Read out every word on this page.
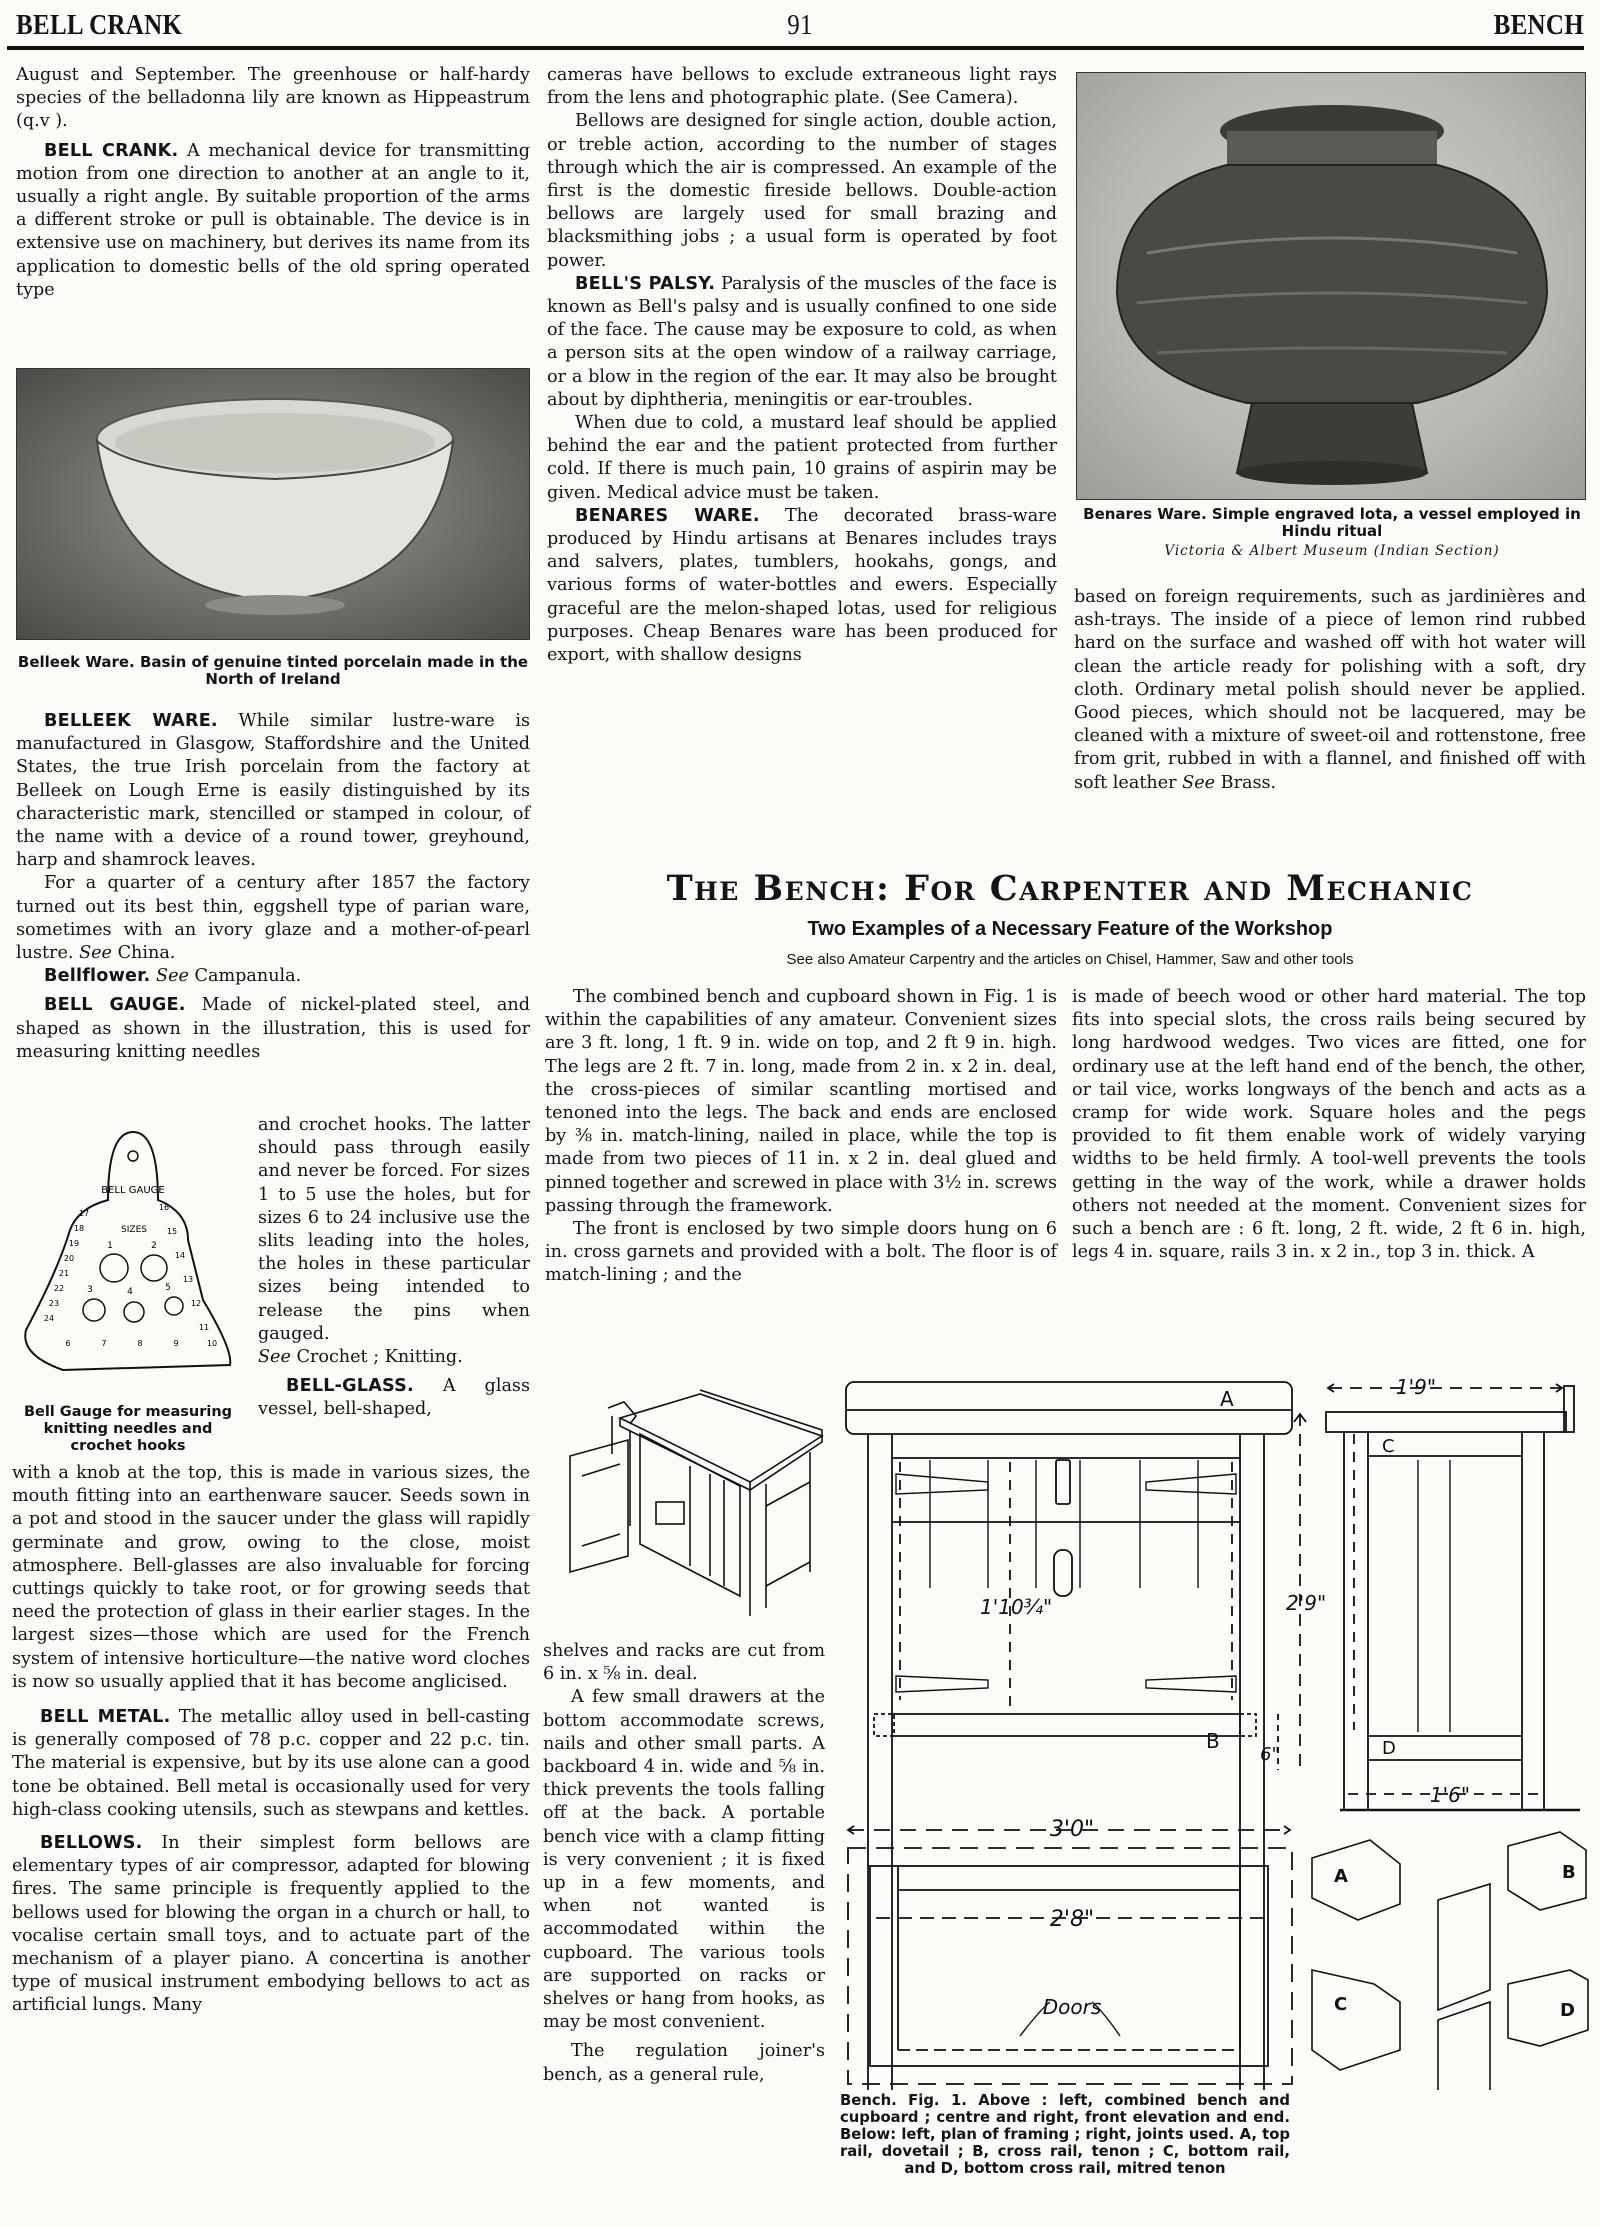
BELL CRANK	91	BENCH

August and September. The greenhouse or half-hardy species of the belladonna lily are known as Hippeastrum (q.v ).

BELL CRANK. A mechanical device for transmitting motion from one direction to another at an angle to it, usually a right angle. By suitable proportion of the arms a different stroke or pull is obtainable. The device is in extensive use on machinery, but derives its name from its application to domestic bells of the old spring operated type

Belleek Ware. Basin of genuine tinted porcelain made in the North of Ireland

BELLEEK WARE. While similar lustre-ware is manufactured in Glasgow, Staffordshire and the United States, the true Irish porcelain from the factory at Belleek on Lough Erne is easily distinguished by its characteristic mark, stencilled or stamped in colour, of the name with a device of a round tower, greyhound, harp and shamrock leaves.

For a quarter of a century after 1857 the factory turned out its best thin, eggshell type of parian ware, sometimes with an ivory glaze and a mother-of-pearl lustre. See China.

Bellflower. See Campanula.

BELL GAUGE. Made of nickel-plated steel, and shaped as shown in the illustration, this is used for measuring knitting needles

BELL GAUGE
SIZES
1	2
3	4	5
6	7	8	9	10
11
12
13
14
15
16
17
18
19
20
21
22
23
24
Bell Gauge for measuring knitting needles and crochet hooks

and crochet hooks. The latter should pass through easily and never be forced. For sizes 1 to 5 use the holes, but for sizes 6 to 24 inclusive use the slits leading into the holes, the holes in these particular sizes being intended to release the pins when gauged.

See Crochet ; Knitting.

BELL-GLASS. A glass vessel, bell-shaped,

with a knob at the top, this is made in various sizes, the mouth fitting into an earthenware saucer. Seeds sown in a pot and stood in the saucer under the glass will rapidly germinate and grow, owing to the close, moist atmosphere. Bell-glasses are also invaluable for forcing cuttings quickly to take root, or for growing seeds that need the protection of glass in their earlier stages. In the largest sizes—those which are used for the French system of intensive horticulture—the native word cloches is now so usually applied that it has become anglicised.

BELL METAL. The metallic alloy used in bell-casting is generally composed of 78 p.c. copper and 22 p.c. tin. The material is expensive, but by its use alone can a good tone be obtained. Bell metal is occasionally used for very high-class cooking utensils, such as stewpans and kettles.

BELLOWS. In their simplest form bellows are elementary types of air compressor, adapted for blowing fires. The same principle is frequently applied to the bellows used for blowing the organ in a church or hall, to vocalise certain small toys, and to actuate part of the mechanism of a player piano. A concertina is another type of musical instrument embodying bellows to act as artificial lungs. Many

cameras have bellows to exclude extraneous light rays from the lens and photographic plate. (See Camera).

Bellows are designed for single action, double action, or treble action, according to the number of stages through which the air is compressed. An example of the first is the domestic fireside bellows. Double-action bellows are largely used for small brazing and blacksmithing jobs ; a usual form is operated by foot power.

BELL'S PALSY. Paralysis of the muscles of the face is known as Bell's palsy and is usually confined to one side of the face. The cause may be exposure to cold, as when a person sits at the open window of a railway carriage, or a blow in the region of the ear. It may also be brought about by diphtheria, meningitis or ear-troubles.

When due to cold, a mustard leaf should be applied behind the ear and the patient protected from further cold. If there is much pain, 10 grains of aspirin may be given. Medical advice must be taken.

BENARES WARE. The decorated brass-ware produced by Hindu artisans at Benares includes trays and salvers, plates, tumblers, hookahs, gongs, and various forms of water-bottles and ewers. Especially graceful are the melon-shaped lotas, used for religious purposes. Cheap Benares ware has been produced for export, with shallow designs

Benares Ware. Simple engraved lota, a vessel employed in Hindu ritual
Victoria & Albert Museum (Indian Section)

based on foreign requirements, such as jardinières and ash-trays. The inside of a piece of lemon rind rubbed hard on the surface and washed off with hot water will clean the article ready for polishing with a soft, dry cloth. Ordinary metal polish should never be applied. Good pieces, which should not be lacquered, may be cleaned with a mixture of sweet-oil and rottenstone, free from grit, rubbed in with a flannel, and finished off with soft leather See Brass.

The Bench: For Carpenter and Mechanic
Two Examples of a Necessary Feature of the Workshop
See also Amateur Carpentry and the articles on Chisel, Hammer, Saw and other tools

The combined bench and cupboard shown in Fig. 1 is within the capabilities of any amateur. Convenient sizes are 3 ft. long, 1 ft. 9 in. wide on top, and 2 ft 9 in. high. The legs are 2 ft. 7 in. long, made from 2 in. x 2 in. deal, the cross-pieces of similar scantling mortised and tenoned into the legs. The back and ends are enclosed by ⅜ in. match-lining, nailed in place, while the top is made from two pieces of 11 in. x 2 in. deal glued and pinned together and screwed in place with 3½ in. screws passing through the framework.

The front is enclosed by two simple doors hung on 6 in. cross garnets and provided with a bolt. The floor is of match-lining ; and the

is made of beech wood or other hard material. The top fits into special slots, the cross rails being secured by long hardwood wedges. Two vices are fitted, one for ordinary use at the left hand end of the bench, the other, or tail vice, works longways of the bench and acts as a cramp for wide work. Square holes and the pegs provided to fit them enable work of widely varying widths to be held firmly. A tool-well prevents the tools getting in the way of the work, while a drawer holds others not needed at the moment. Convenient sizes for such a bench are : 6 ft. long, 2 ft. wide, 2 ft 6 in. high, legs 4 in. square, rails 3 in. x 2 in., top 3 in. thick. A

shelves and racks are cut from 6 in. x ⅝ in. deal.

A few small drawers at the bottom accommodate screws, nails and other small parts. A backboard 4 in. wide and ⅝ in. thick prevents the tools falling off at the back. A portable bench vice with a clamp fitting is very convenient ; it is fixed up in a few moments, and when not wanted is accommodated within the cupboard. The various tools are supported on racks or shelves or hang from hooks, as may be most convenient.

The regulation joiner's bench, as a general rule,

A
B
1'10¾"	2'9"
6"
1'9"
1'6"
C
D
3'0"
2'8"
Doors
A	B
C	D
Bench. Fig. 1. Above : left, combined bench and cupboard ; centre and right, front elevation and end. Below: left, plan of framing ; right, joints used. A, top rail, dovetail ; B, cross rail, tenon ; C, bottom rail, and D, bottom cross rail, mitred tenon
